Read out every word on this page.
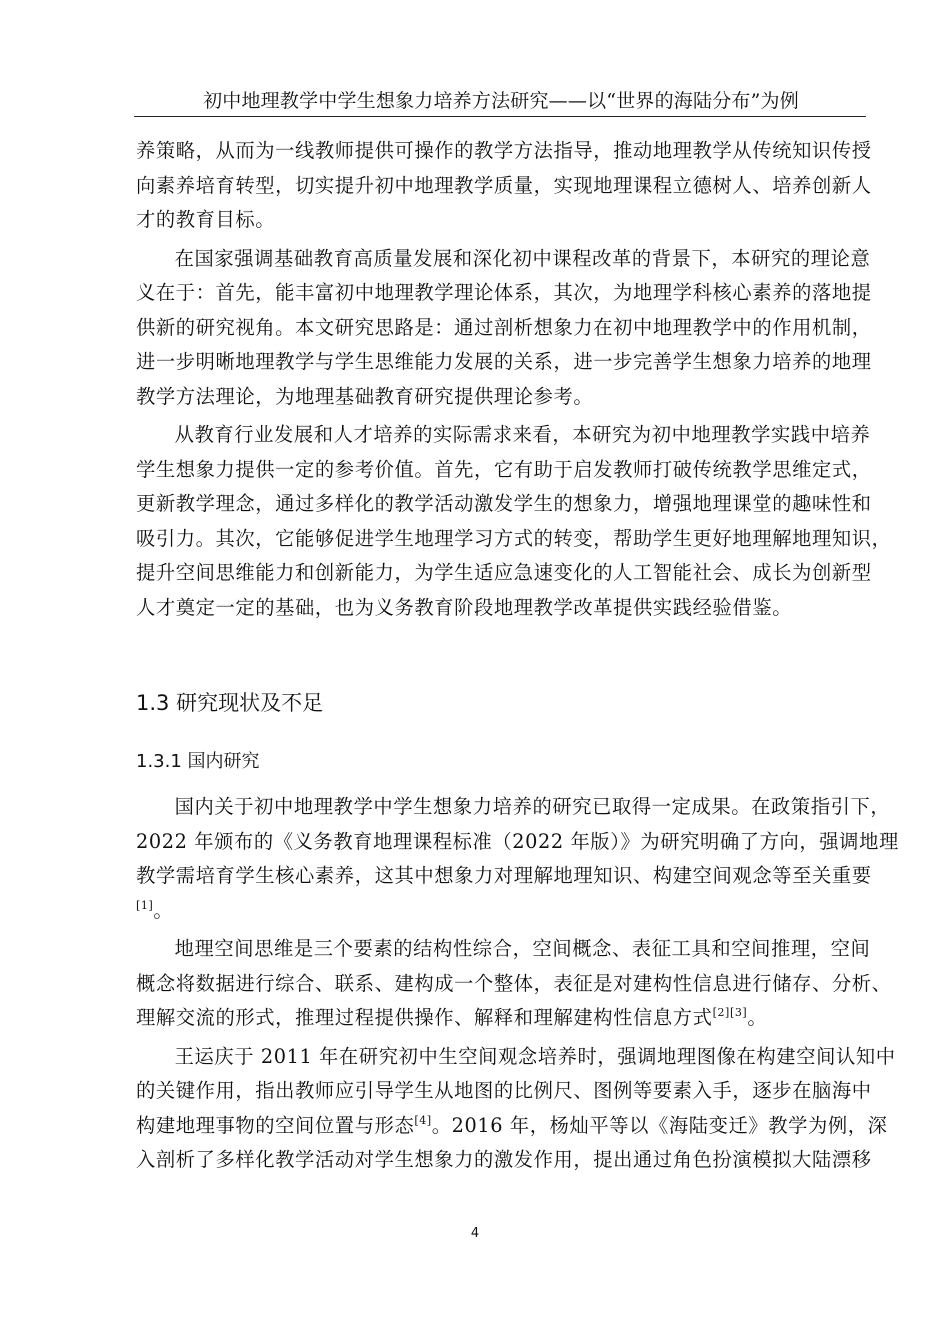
初中地理教学中学生想象力培养方法研究——以“世界的海陆分布”为例

养策略，从而为一线教师提供可操作的教学方法指导，推动地理教学从传统知识传授
向素养培育转型，切实提升初中地理教学质量，实现地理课程立德树人、培养创新人
才的教育目标。

在国家强调基础教育高质量发展和深化初中课程改革的背景下，本研究的理论意
义在于：首先，能丰富初中地理教学理论体系，其次，为地理学科核心素养的落地提
供新的研究视角。本文研究思路是：通过剖析想象力在初中地理教学中的作用机制，
进一步明晰地理教学与学生思维能力发展的关系，进一步完善学生想象力培养的地理
教学方法理论，为地理基础教育研究提供理论参考。

从教育行业发展和人才培养的实际需求来看，本研究为初中地理教学实践中培养
学生想象力提供一定的参考价值。首先，它有助于启发教师打破传统教学思维定式，
更新教学理念，通过多样化的教学活动激发学生的想象力，增强地理课堂的趣味性和
吸引力。其次，它能够促进学生地理学习方式的转变，帮助学生更好地理解地理知识，
提升空间思维能力和创新能力，为学生适应急速变化的人工智能社会、成长为创新型
人才奠定一定的基础，也为义务教育阶段地理教学改革提供实践经验借鉴。

1.3 研究现状及不足
1.3.1 国内研究

国内关于初中地理教学中学生想象力培养的研究已取得一定成果。在政策指引下，
2022 年颁布的《义务教育地理课程标准（2022 年版）》为研究明确了方向，强调地理
教学需培育学生核心素养，这其中想象力对理解地理知识、构建空间观念等至关重要
[1]。

地理空间思维是三个要素的结构性综合，空间概念、表征工具和空间推理，空间
概念将数据进行综合、联系、建构成一个整体，表征是对建构性信息进行储存、分析、
理解交流的形式，推理过程提供操作、解释和理解建构性信息方式[2][3]。

王运庆于 2011 年在研究初中生空间观念培养时，强调地理图像在构建空间认知中
的关键作用，指出教师应引导学生从地图的比例尺、图例等要素入手，逐步在脑海中
构建地理事物的空间位置与形态[4]。2016 年，杨灿平等以《海陆变迁》教学为例，深
入剖析了多样化教学活动对学生想象力的激发作用，提出通过角色扮演模拟大陆漂移

4
